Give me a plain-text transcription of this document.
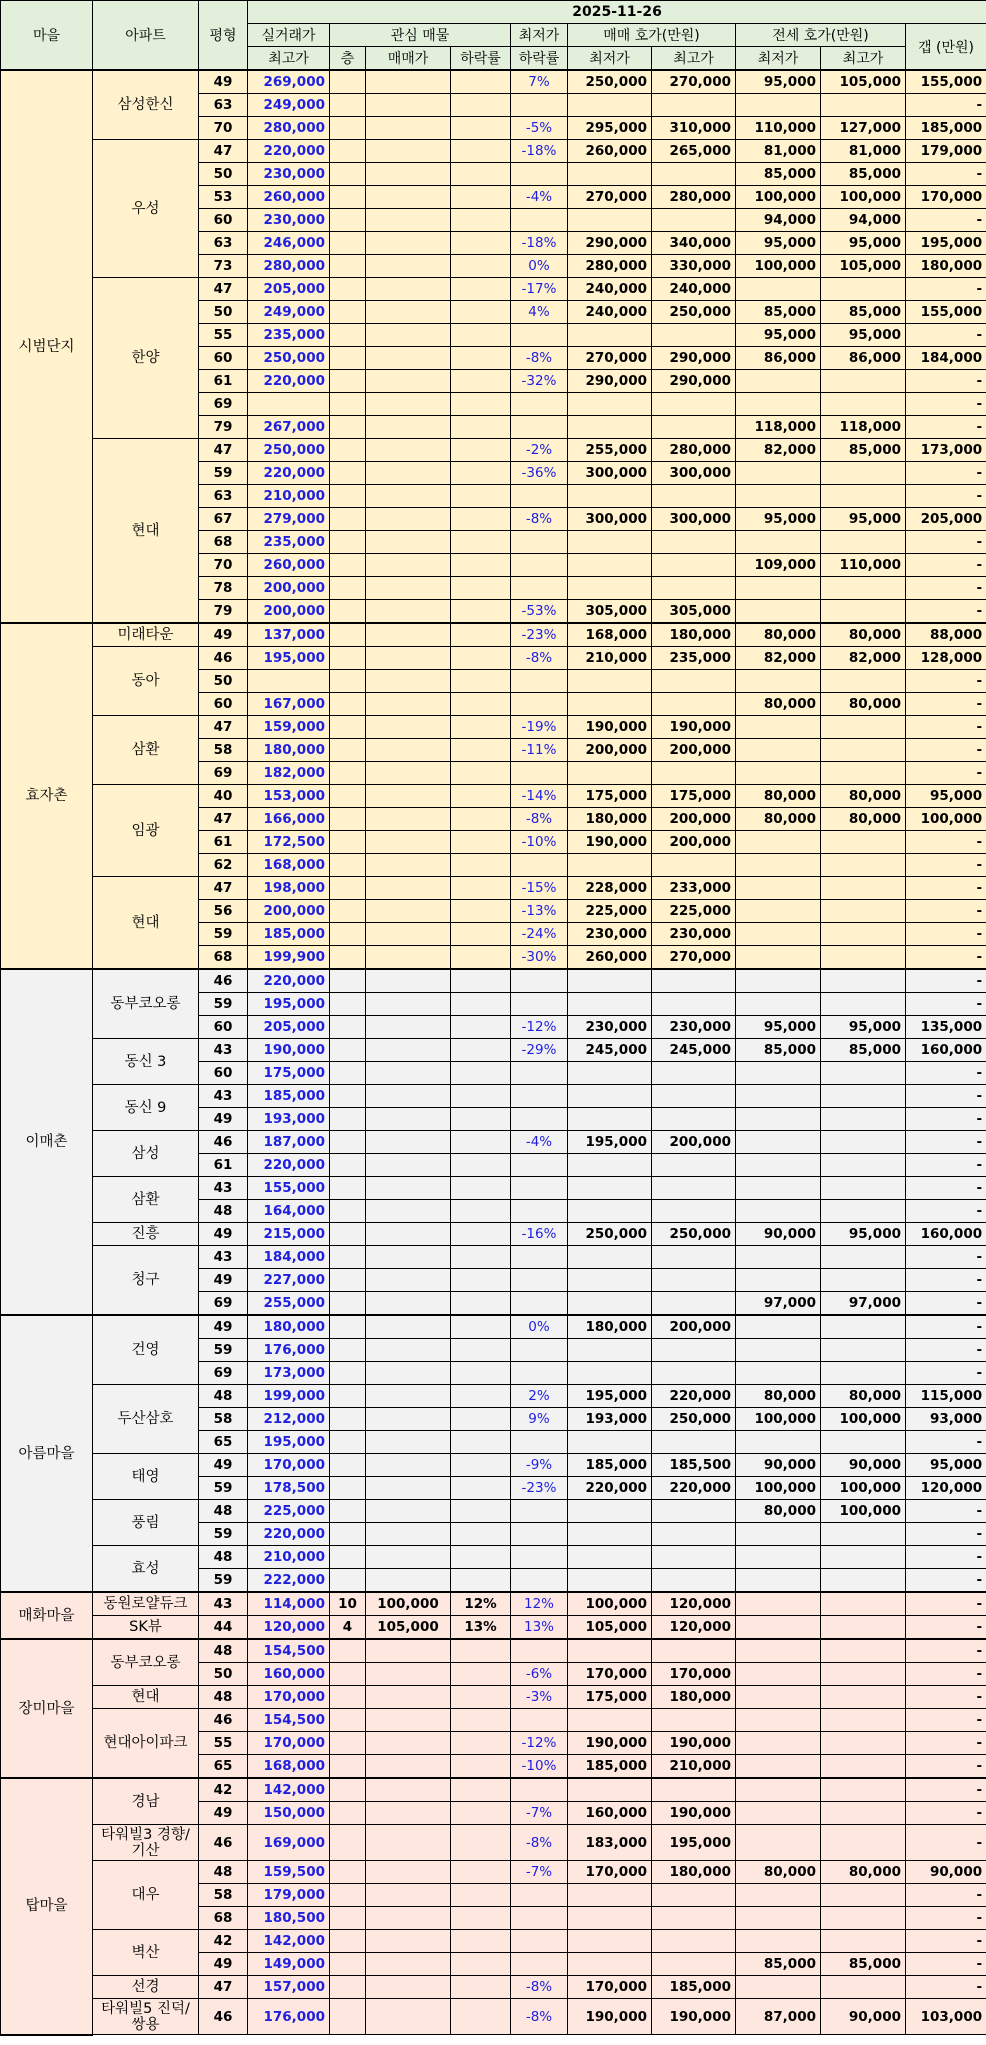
마을	아파트	평형	2025-11-26									
			실거래가	관심 매물			최저가	매매 호가(만원)		전세 호가(만원)		갭 (만원)
			최고가	층	매매가	하락률	하락률	최저가	최고가	최저가	최고가	
시범단지	삼성한신	49	269,000				7%	250,000	270,000	95,000	105,000	155,000
		63	249,000									-
		70	280,000				-5%	295,000	310,000	110,000	127,000	185,000
	우성	47	220,000				-18%	260,000	265,000	81,000	81,000	179,000
		50	230,000							85,000	85,000	-
		53	260,000				-4%	270,000	280,000	100,000	100,000	170,000
		60	230,000							94,000	94,000	-
		63	246,000				-18%	290,000	340,000	95,000	95,000	195,000
		73	280,000				0%	280,000	330,000	100,000	105,000	180,000
	한양	47	205,000				-17%	240,000	240,000			-
		50	249,000				4%	240,000	250,000	85,000	85,000	155,000
		55	235,000							95,000	95,000	-
		60	250,000				-8%	270,000	290,000	86,000	86,000	184,000
		61	220,000				-32%	290,000	290,000			-
		69										-
		79	267,000							118,000	118,000	-
	현대	47	250,000				-2%	255,000	280,000	82,000	85,000	173,000
		59	220,000				-36%	300,000	300,000			-
		63	210,000									-
		67	279,000				-8%	300,000	300,000	95,000	95,000	205,000
		68	235,000									-
		70	260,000							109,000	110,000	-
		78	200,000									-
		79	200,000				-53%	305,000	305,000			-
효자촌	미래타운	49	137,000				-23%	168,000	180,000	80,000	80,000	88,000
	동아	46	195,000				-8%	210,000	235,000	82,000	82,000	128,000
		50										-
		60	167,000							80,000	80,000	-
	삼환	47	159,000				-19%	190,000	190,000			-
		58	180,000				-11%	200,000	200,000			-
		69	182,000									-
	임광	40	153,000				-14%	175,000	175,000	80,000	80,000	95,000
		47	166,000				-8%	180,000	200,000	80,000	80,000	100,000
		61	172,500				-10%	190,000	200,000			-
		62	168,000									-
	현대	47	198,000				-15%	228,000	233,000			-
		56	200,000				-13%	225,000	225,000			-
		59	185,000				-24%	230,000	230,000			-
		68	199,900				-30%	260,000	270,000			-
이매촌	동부코오롱	46	220,000									-
		59	195,000									-
		60	205,000				-12%	230,000	230,000	95,000	95,000	135,000
	동신 3	43	190,000				-29%	245,000	245,000	85,000	85,000	160,000
		60	175,000									-
	동신 9	43	185,000									-
		49	193,000									-
	삼성	46	187,000				-4%	195,000	200,000			-
		61	220,000									-
	삼환	43	155,000									-
		48	164,000									-
	진흥	49	215,000				-16%	250,000	250,000	90,000	95,000	160,000
	청구	43	184,000									-
		49	227,000									-
		69	255,000							97,000	97,000	-
아름마을	건영	49	180,000				0%	180,000	200,000			-
		59	176,000									-
		69	173,000									-
	두산삼호	48	199,000				2%	195,000	220,000	80,000	80,000	115,000
		58	212,000				9%	193,000	250,000	100,000	100,000	93,000
		65	195,000									-
	태영	49	170,000				-9%	185,000	185,500	90,000	90,000	95,000
		59	178,500				-23%	220,000	220,000	100,000	100,000	120,000
	풍림	48	225,000							80,000	100,000	-
		59	220,000									-
	효성	48	210,000									-
		59	222,000									-
매화마을	동원로얄듀크	43	114,000	10	100,000	12%	12%	100,000	120,000			-
	SK뷰	44	120,000	4	105,000	13%	13%	105,000	120,000			-
장미마을	동부코오롱	48	154,500									-
		50	160,000				-6%	170,000	170,000			-
	현대	48	170,000				-3%	175,000	180,000			-
	현대아이파크	46	154,500									-
		55	170,000				-12%	190,000	190,000			-
		65	168,000				-10%	185,000	210,000			-
탑마을	경남	42	142,000									-
		49	150,000				-7%	160,000	190,000			-
	타워빌3 경향/기산	46	169,000				-8%	183,000	195,000			-
	대우	48	159,500				-7%	170,000	180,000	80,000	80,000	90,000
		58	179,000									-
		68	180,500									-
	벽산	42	142,000									-
		49	149,000							85,000	85,000	-
	선경	47	157,000				-8%	170,000	185,000			-
	타워빌5 진덕/쌍용	46	176,000				-8%	190,000	190,000	87,000	90,000	103,000
